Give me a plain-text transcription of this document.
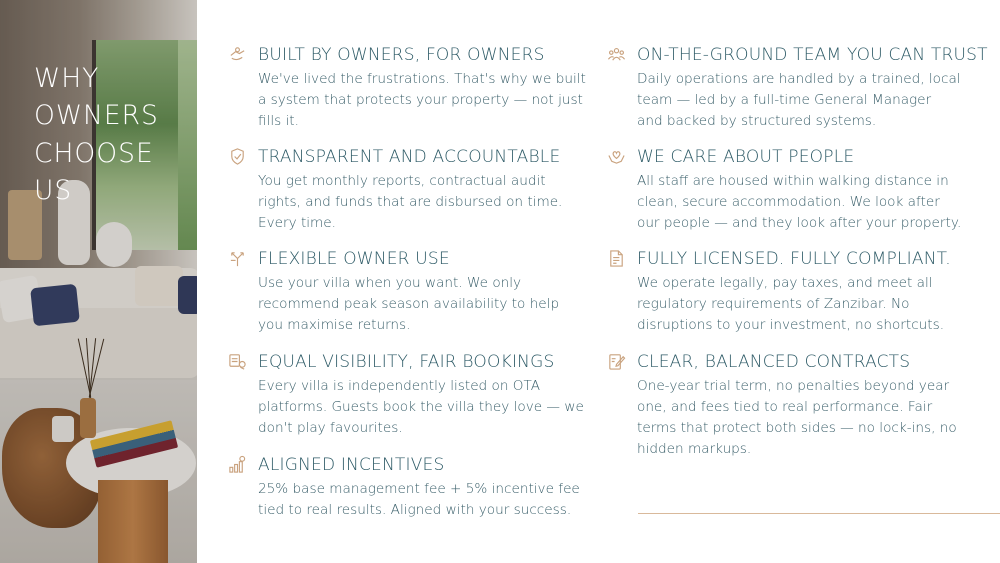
WHY
OWNERS
CHOOSE
US
BUILT BY OWNERS, FOR OWNERS
We've lived the frustrations. That's why we built
a system that protects your property — not just
fills it.
TRANSPARENT AND ACCOUNTABLE
You get monthly reports, contractual audit
rights, and funds that are disbursed on time.
Every time.
FLEXIBLE OWNER USE
Use your villa when you want. We only
recommend peak season availability to help
you maximise returns.
EQUAL VISIBILITY, FAIR BOOKINGS
Every villa is independently listed on OTA
platforms. Guests book the villa they love — we
don't play favourites.
ALIGNED INCENTIVES
25% base management fee + 5% incentive fee
tied to real results. Aligned with your success.
ON-THE-GROUND TEAM YOU CAN TRUST
Daily operations are handled by a trained, local
team — led by a full-time General Manager
and backed by structured systems.
WE CARE ABOUT PEOPLE
All staff are housed within walking distance in
clean, secure accommodation. We look after
our people — and they look after your property.
FULLY LICENSED. FULLY COMPLIANT.
We operate legally, pay taxes, and meet all
regulatory requirements of Zanzibar. No
disruptions to your investment, no shortcuts.
CLEAR, BALANCED CONTRACTS
One-year trial term, no penalties beyond year
one, and fees tied to real performance. Fair
terms that protect both sides — no lock-ins, no
hidden markups.
